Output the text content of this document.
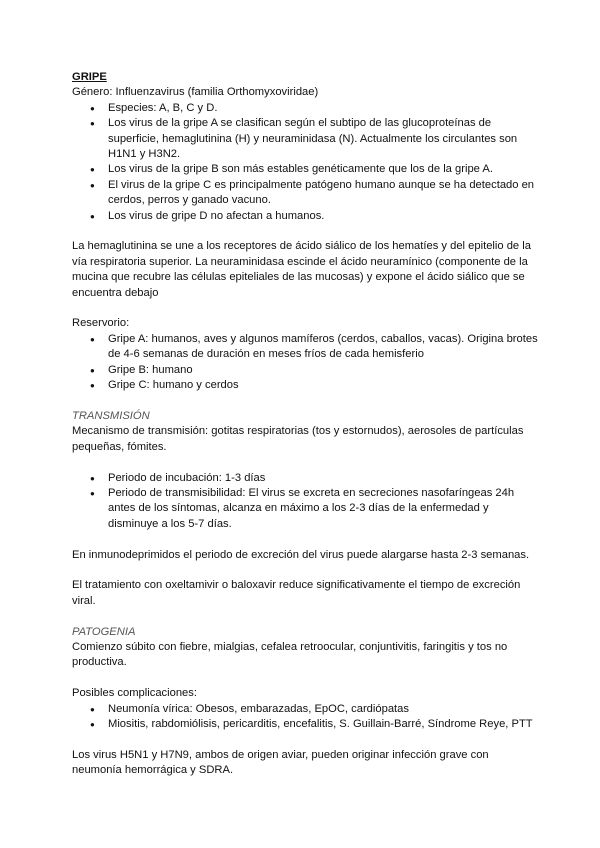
GRIPE

Género: Influenzavirus (familia Orthomyxoviridae)

● Especies: A, B, C y D.
● Los virus de la gripe A se clasifican según el subtipo de las glucoproteínas de superficie, hemaglutinina (H) y neuraminidasa (N). Actualmente los circulantes son H1N1 y H3N2.
● Los virus de la gripe B son más estables genéticamente que los de la gripe A.
● El virus de la gripe C es principalmente patógeno humano aunque se ha detectado en cerdos, perros y ganado vacuno.
● Los virus de gripe D no afectan a humanos.

La hemaglutinina se une a los receptores de ácido siálico de los hematíes y del epitelio de la vía respiratoria superior. La neuraminidasa escinde el ácido neuramínico (componente de la mucina que recubre las células epiteliales de las mucosas) y expone el ácido siálico que se encuentra debajo

Reservorio:

● Gripe A: humanos, aves y algunos mamíferos (cerdos, caballos, vacas). Origina brotes de 4-6 semanas de duración en meses fríos de cada hemisferio
● Gripe B: humano
● Gripe C: humano y cerdos

TRANSMISIÓN

Mecanismo de transmisión: gotitas respiratorias (tos y estornudos), aerosoles de partículas pequeñas, fómites.

● Periodo de incubación: 1-3 días
● Periodo de transmisibilidad: El virus se excreta en secreciones nasofaríngeas 24h antes de los síntomas, alcanza en máximo a los 2-3 días de la enfermedad y disminuye a los 5-7 días.

En inmunodeprimidos el periodo de excreción del virus puede alargarse hasta 2-3 semanas.

El tratamiento con oxeltamivir o baloxavir reduce significativamente el tiempo de excreción viral.

PATOGENIA

Comienzo súbito con fiebre, mialgias, cefalea retroocular, conjuntivitis, faringitis y tos no productiva.

Posibles complicaciones:

● Neumonía vírica: Obesos, embarazadas, EpOC, cardiópatas
● Miositis, rabdomiólisis, pericarditis, encefalitis, S. Guillain-Barré, Síndrome Reye, PTT

Los virus H5N1 y H7N9, ambos de origen aviar, pueden originar infección grave con neumonía hemorrágica y SDRA.
